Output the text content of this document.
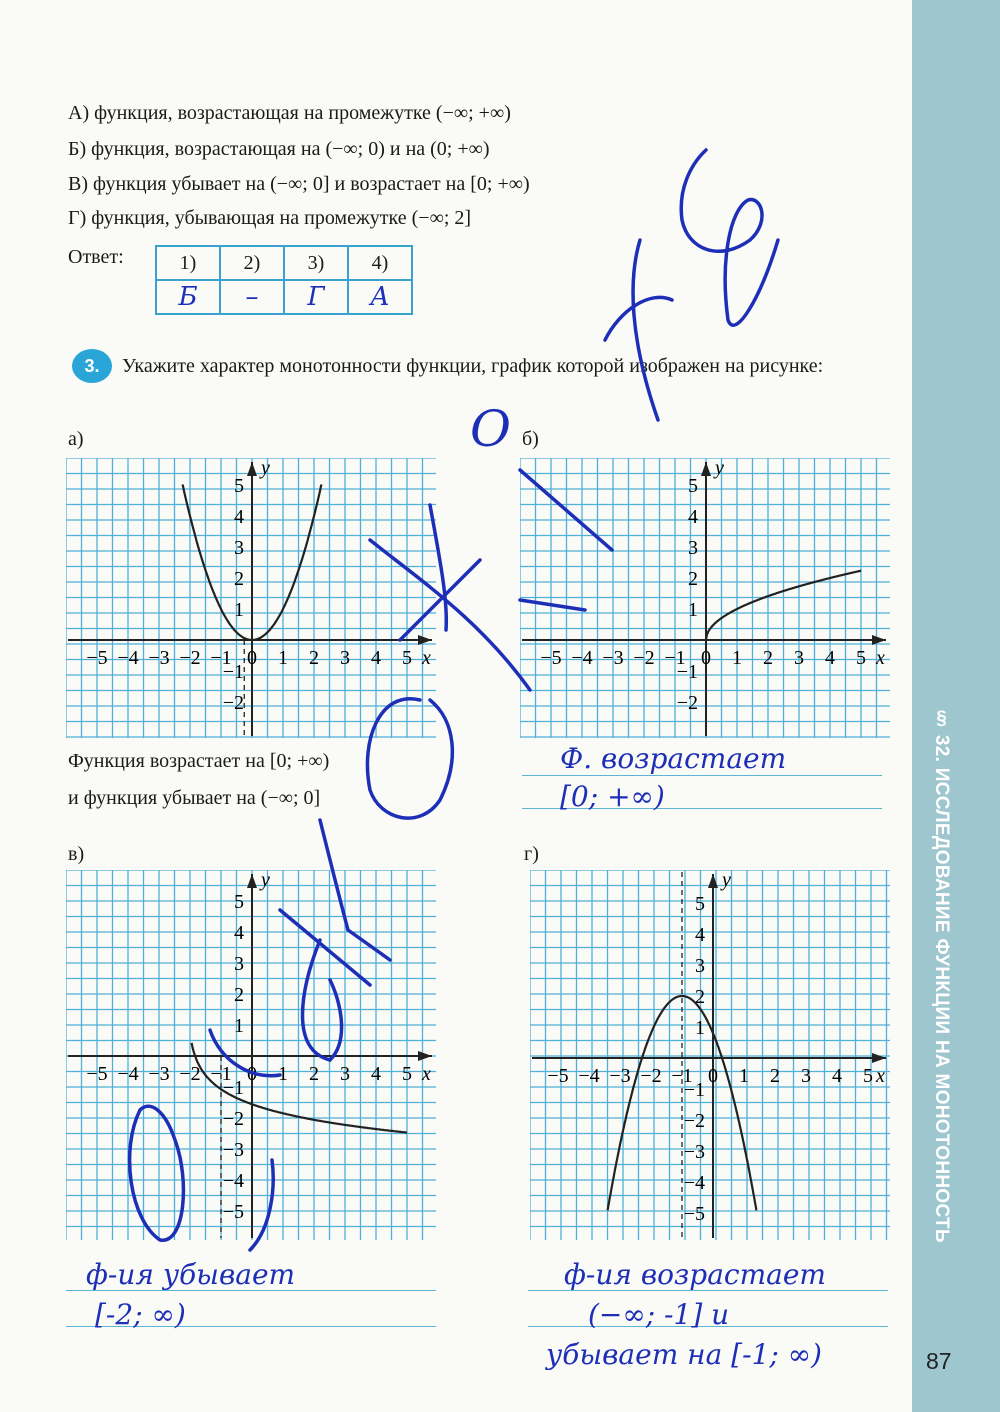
§ 32. ИССЛЕДОВАНИЕ ФУНКЦИИ НА МОНОТОННОСТЬ
87
А) функция, возрастающая на промежутке (−∞; +∞)
Б) функция, возрастающая на (−∞; 0) и на (0; +∞)
В) функция убывает на (−∞; 0] и возрастает на [0; +∞)
Г) функция, убывающая на промежутке (−∞; 2]
Ответ:	1)	2)	3)	4)
Б	–	Г	А
3.	Укажите характер монотонности функции, график которой изображен на рисунке:
а)	б)
в)	г)
x
y
−5 −4 −3 −2 −1 0 1 2 3 4 5
5
4
3
2
1
−1
−2
x
y
−5 −4 −3 −2 −1 0 1 2 3 4 5
5
4
3
2
1
−1
−2
x
y
−5 −4 −3 −2 −1 0 1 2 3 4 5
5
4
3
2
1
−1
−2
−3
−4
−5
x
y
−5 −4 −3 −2 −1 0 1 2 3 4 5
5
4
3
2
1
−1
−2
−3
−4
−5
Функция возрастает на [0; +∞)
и функция убывает на (−∞; 0]
O
Ф. возрастает
[0; +∞)
ф-ия убывает
[-2; ∞)
ф-ия возрастает
(−∞; -1] и
убывает на [-1; ∞)
